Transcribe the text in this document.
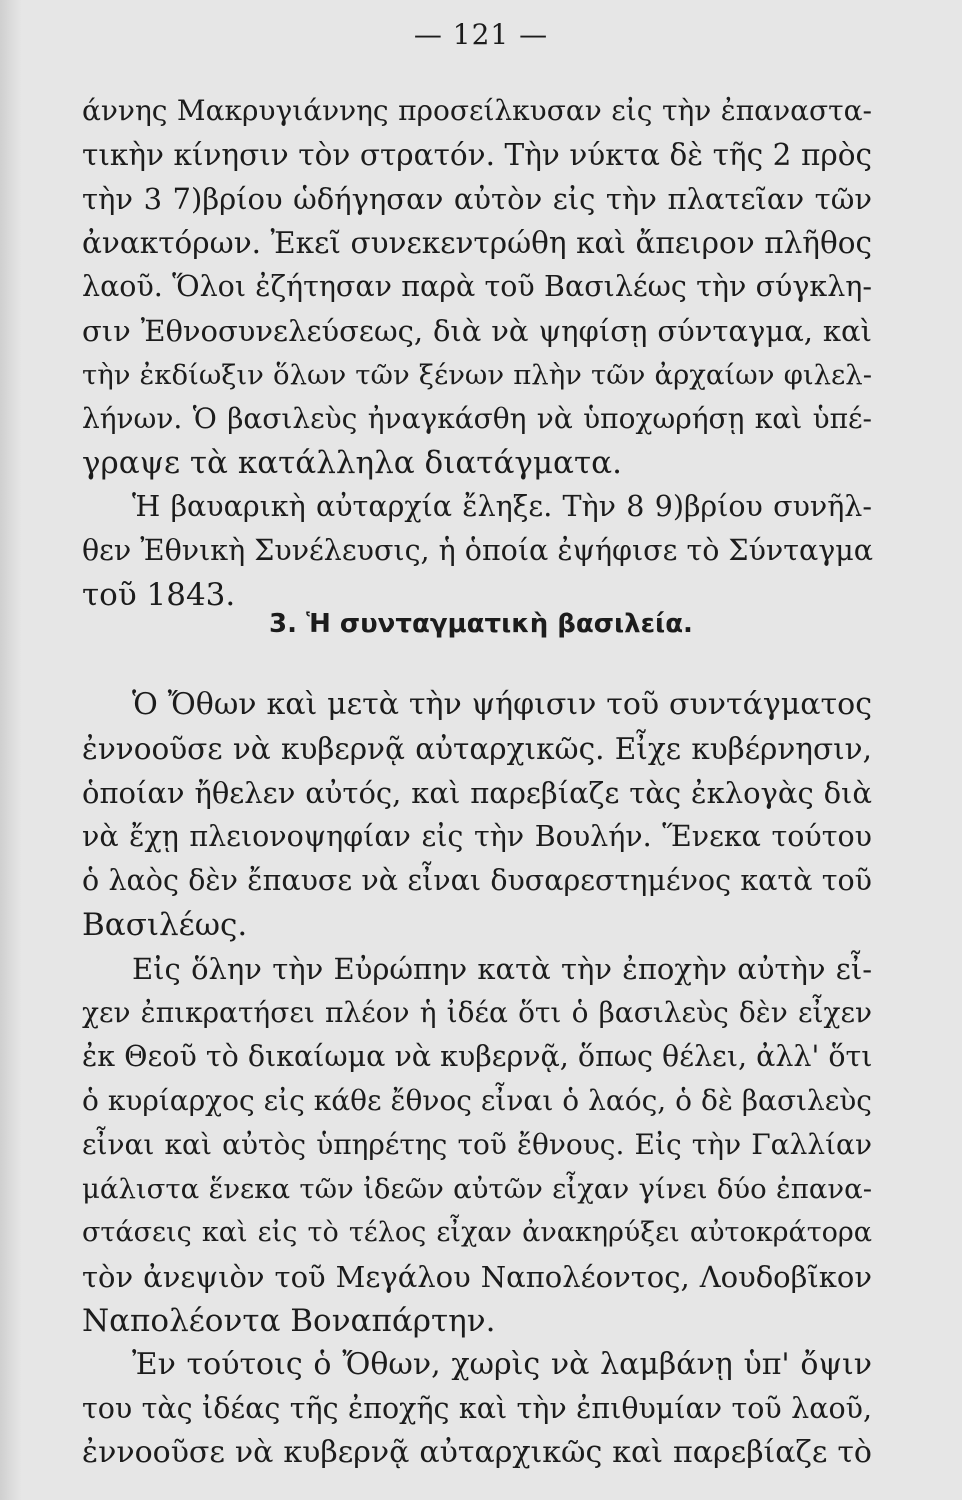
— 121 —
άννης Μακρυγιάννης προσείλκυσαν εἰς τὴν ἐπαναστα-
τικὴν κίνησιν τὸν στρατόν. Τὴν νύκτα δὲ τῆς 2 πρὸς
τὴν 3 7)βρίου ὡδήγησαν αὐτὸν εἰς τὴν πλατεῖαν τῶν
ἀνακτόρων. Ἐκεῖ συνεκεντρώθη καὶ ἄπειρον πλῆθος
λαοῦ. Ὅλοι ἐζήτησαν παρὰ τοῦ Βασιλέως τὴν σύγκλη-
σιν Ἐθνοσυνελεύσεως, διὰ νὰ ψηφίσῃ σύνταγμα, καὶ
τὴν ἐκδίωξιν ὅλων τῶν ξένων πλὴν τῶν ἀρχαίων φιλελ-
λήνων. Ὁ βασιλεὺς ἠναγκάσθη νὰ ὑποχωρήσῃ καὶ ὑπέ-
γραψε τὰ κατάλληλα διατάγματα.
Ἡ βαυαρικὴ αὐταρχία ἔληξε. Τὴν 8 9)βρίου συνῆλ-
θεν Ἐθνικὴ Συνέλευσις, ἡ ὁποία ἐψήφισε τὸ Σύνταγμα
τοῦ 1843.
3. Ἡ συνταγματικὴ βασιλεία.
Ὁ Ὄθων καὶ μετὰ τὴν ψήφισιν τοῦ συντάγματος
ἐννοοῦσε νὰ κυβερνᾷ αὐταρχικῶς. Εἶχε κυβέρνησιν,
ὁποίαν ἤθελεν αὐτός, καὶ παρεβίαζε τὰς ἐκλογὰς διὰ
νὰ ἔχῃ πλειονοψηφίαν εἰς τὴν Βουλήν. Ἕνεκα τούτου
ὁ λαὸς δὲν ἔπαυσε νὰ εἶναι δυσαρεστημένος κατὰ τοῦ
Βασιλέως.
Εἰς ὅλην τὴν Εὐρώπην κατὰ τὴν ἐποχὴν αὐτὴν εἶ-
χεν ἐπικρατήσει πλέον ἡ ἰδέα ὅτι ὁ βασιλεὺς δὲν εἶχεν
ἐκ Θεοῦ τὸ δικαίωμα νὰ κυβερνᾷ, ὅπως θέλει, ἀλλ' ὅτι
ὁ κυρίαρχος εἰς κάθε ἔθνος εἶναι ὁ λαός, ὁ δὲ βασιλεὺς
εἶναι καὶ αὐτὸς ὑπηρέτης τοῦ ἔθνους. Εἰς τὴν Γαλλίαν
μάλιστα ἕνεκα τῶν ἰδεῶν αὐτῶν εἶχαν γίνει δύο ἐπανα-
στάσεις καὶ εἰς τὸ τέλος εἶχαν ἀνακηρύξει αὐτοκράτορα
τὸν ἀνεψιὸν τοῦ Μεγάλου Ναπολέοντος, Λουδοβῖκον
Ναπολέοντα Βοναπάρτην.
Ἐν τούτοις ὁ Ὄθων, χωρὶς νὰ λαμβάνῃ ὑπ' ὄψιν
του τὰς ἰδέας τῆς ἐποχῆς καὶ τὴν ἐπιθυμίαν τοῦ λαοῦ,
ἐννοοῦσε νὰ κυβερνᾷ αὐταρχικῶς καὶ παρεβίαζε τὸ
